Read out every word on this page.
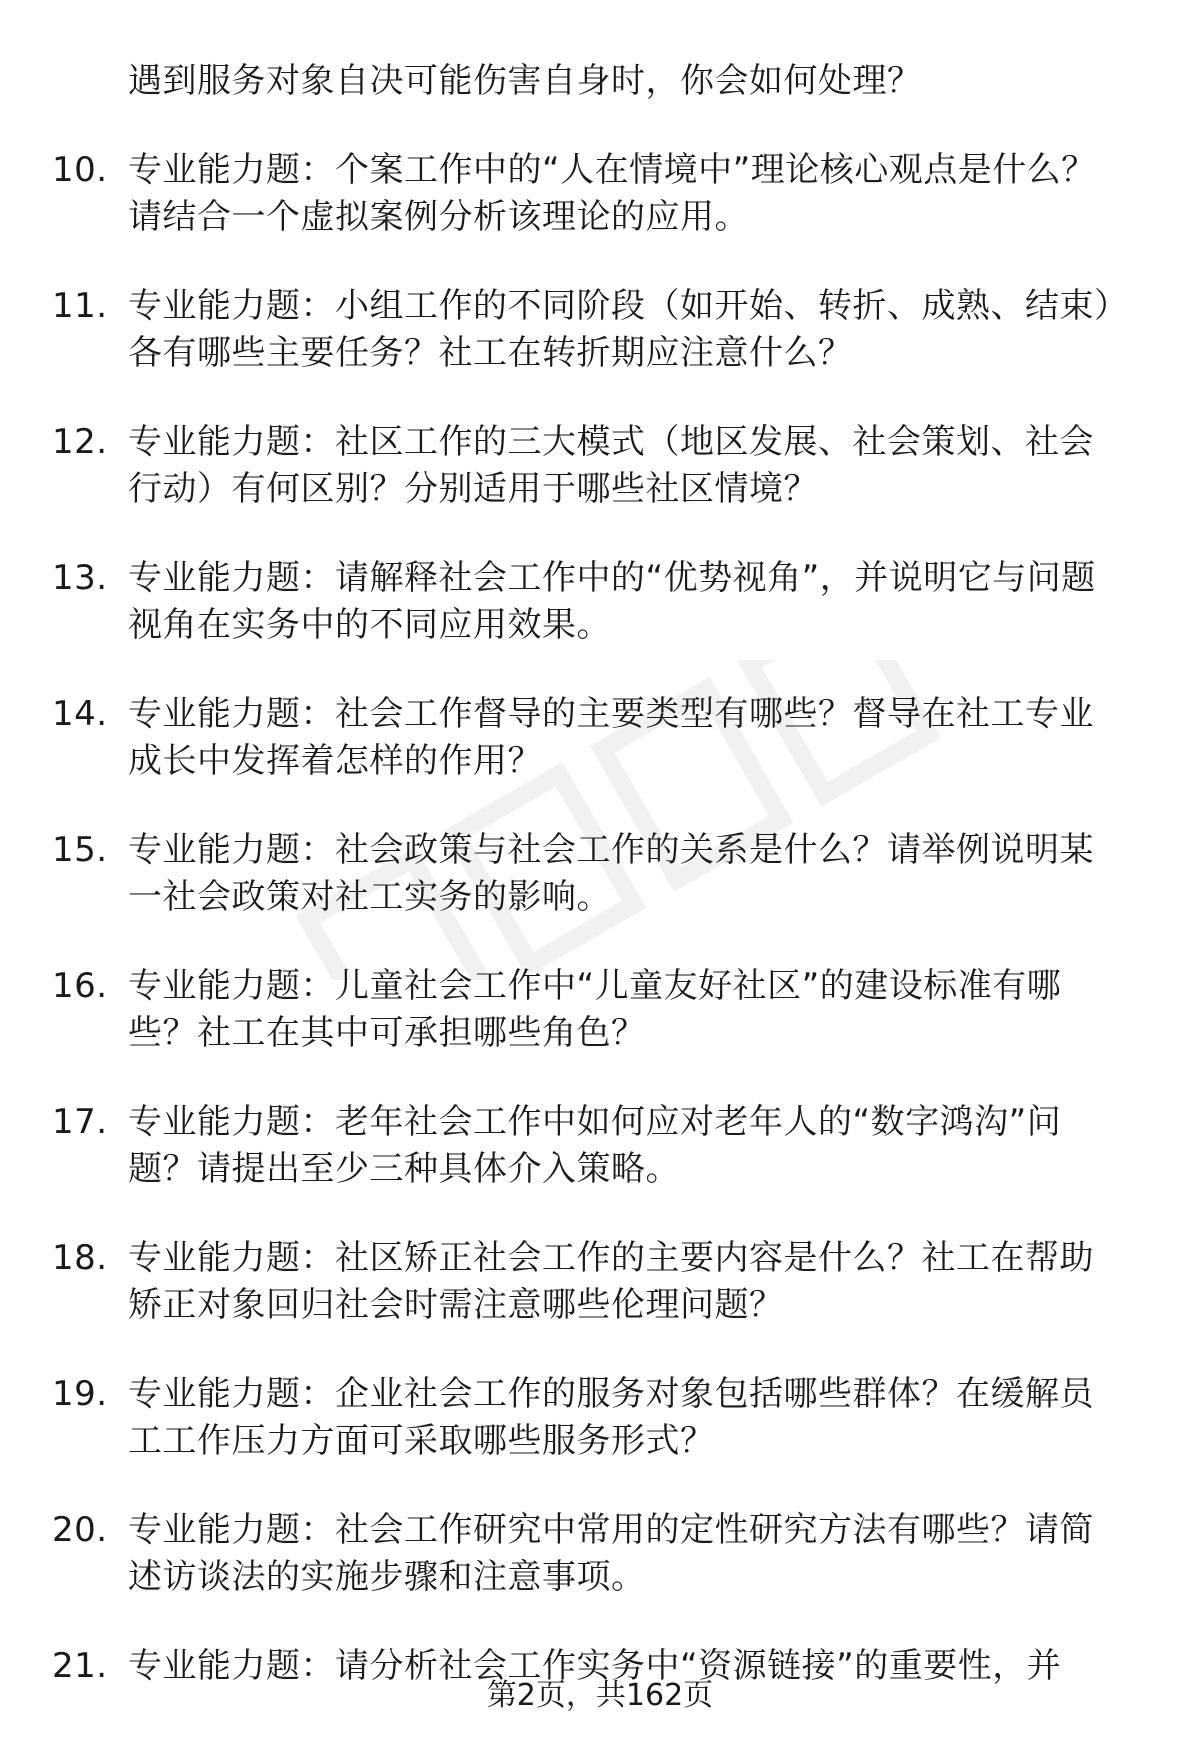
遇到服务对象自决可能伤害自身时，你会如何处理？
10. 专业能力题：个案工作中的“人在情境中”理论核心观点是什么？请结合一个虚拟案例分析该理论的应用。
11. 专业能力题：小组工作的不同阶段（如开始、转折、成熟、结束）各有哪些主要任务？社工在转折期应注意什么？
12. 专业能力题：社区工作的三大模式（地区发展、社会策划、社会行动）有何区别？分别适用于哪些社区情境？
13. 专业能力题：请解释社会工作中的“优势视角”，并说明它与问题视角在实务中的不同应用效果。
14. 专业能力题：社会工作督导的主要类型有哪些？督导在社工专业成长中发挥着怎样的作用？
15. 专业能力题：社会政策与社会工作的关系是什么？请举例说明某一社会政策对社工实务的影响。
16. 专业能力题：儿童社会工作中“儿童友好社区”的建设标准有哪些？社工在其中可承担哪些角色？
17. 专业能力题：老年社会工作中如何应对老年人的“数字鸿沟”问题？请提出至少三种具体介入策略。
18. 专业能力题：社区矫正社会工作的主要内容是什么？社工在帮助矫正对象回归社会时需注意哪些伦理问题？
19. 专业能力题：企业社会工作的服务对象包括哪些群体？在缓解员工工作压力方面可采取哪些服务形式？
20. 专业能力题：社会工作研究中常用的定性研究方法有哪些？请简述访谈法的实施步骤和注意事项。
21. 专业能力题：请分析社会工作实务中“资源链接”的重要性，并
第2页，共162页
